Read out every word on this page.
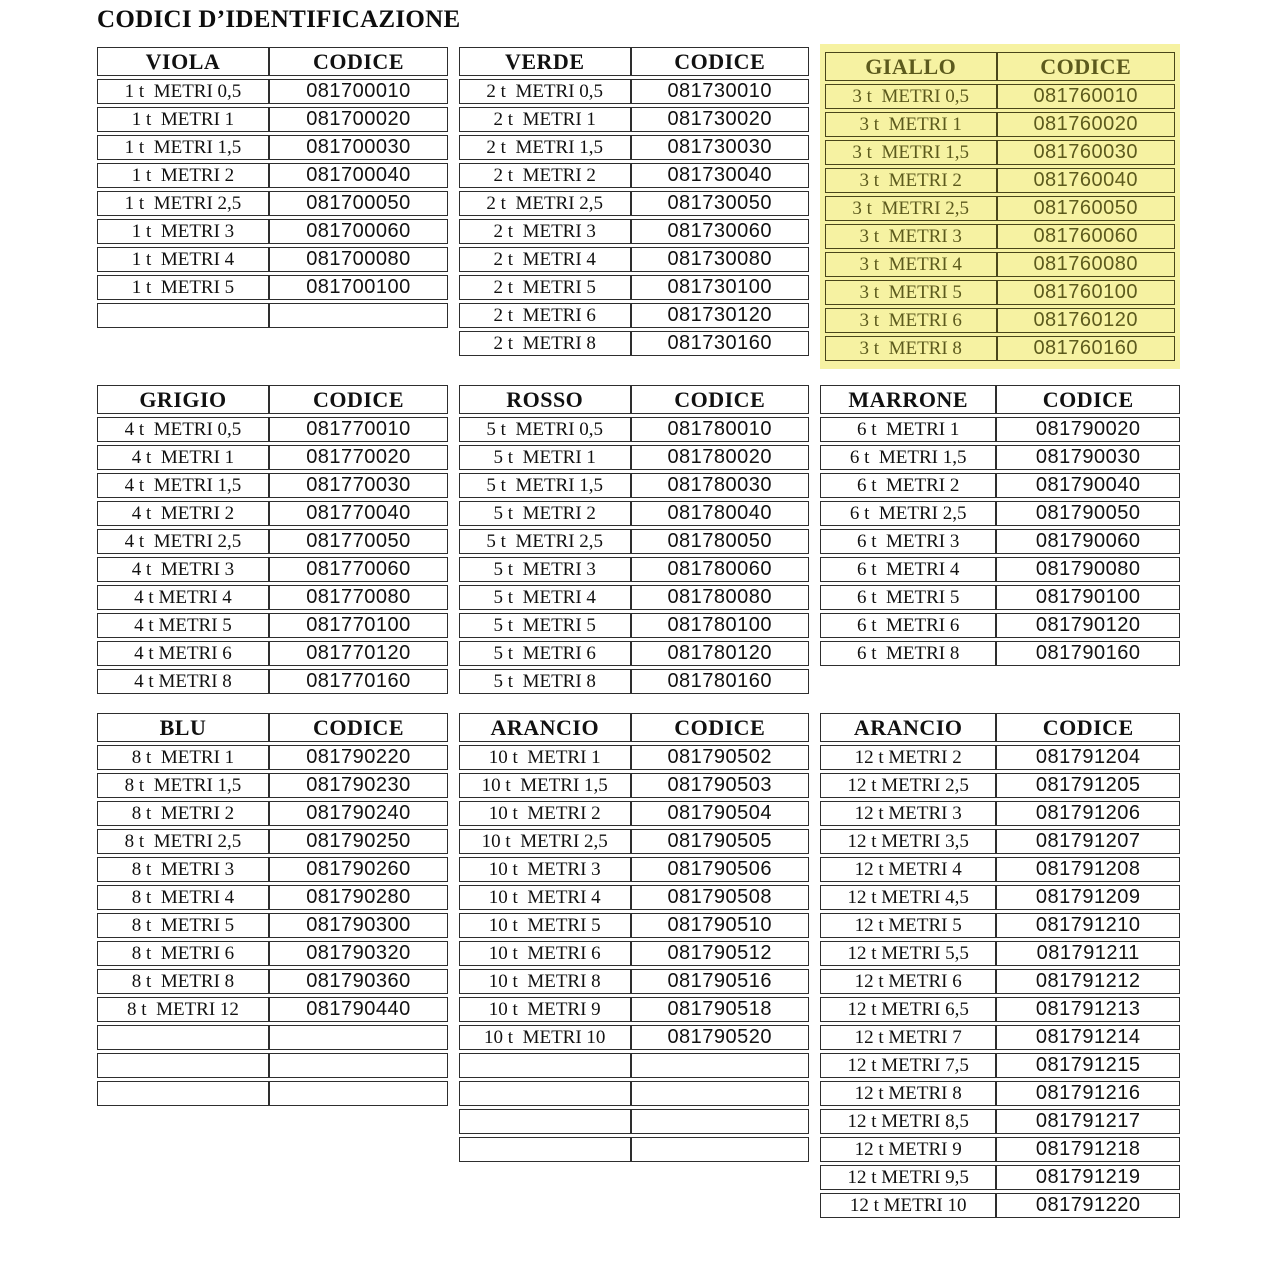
CODICI D’IDENTIFICAZIONE
VIOLA	CODICE
1 t  METRI 0,5	081700010
1 t  METRI 1	081700020
1 t  METRI 1,5	081700030
1 t  METRI 2	081700040
1 t  METRI 2,5	081700050
1 t  METRI 3	081700060
1 t  METRI 4	081700080
1 t  METRI 5	081700100

VERDE	CODICE
2 t  METRI 0,5	081730010
2 t  METRI 1	081730020
2 t  METRI 1,5	081730030
2 t  METRI 2	081730040
2 t  METRI 2,5	081730050
2 t  METRI 3	081730060
2 t  METRI 4	081730080
2 t  METRI 5	081730100
2 t  METRI 6	081730120
2 t  METRI 8	081730160
GIALLO	CODICE
3 t  METRI 0,5	081760010
3 t  METRI 1	081760020
3 t  METRI 1,5	081760030
3 t  METRI 2	081760040
3 t  METRI 2,5	081760050
3 t  METRI 3	081760060
3 t  METRI 4	081760080
3 t  METRI 5	081760100
3 t  METRI 6	081760120
3 t  METRI 8	081760160
GRIGIO	CODICE
4 t  METRI 0,5	081770010
4 t  METRI 1	081770020
4 t  METRI 1,5	081770030
4 t  METRI 2	081770040
4 t  METRI 2,5	081770050
4 t  METRI 3	081770060
4 t METRI 4	081770080
4 t METRI 5	081770100
4 t METRI 6	081770120
4 t METRI 8	081770160
ROSSO	CODICE
5 t  METRI 0,5	081780010
5 t  METRI 1	081780020
5 t  METRI 1,5	081780030
5 t  METRI 2	081780040
5 t  METRI 2,5	081780050
5 t  METRI 3	081780060
5 t  METRI 4	081780080
5 t  METRI 5	081780100
5 t  METRI 6	081780120
5 t  METRI 8	081780160
MARRONE	CODICE
6 t  METRI 1	081790020
6 t  METRI 1,5	081790030
6 t  METRI 2	081790040
6 t  METRI 2,5	081790050
6 t  METRI 3	081790060
6 t  METRI 4	081790080
6 t  METRI 5	081790100
6 t  METRI 6	081790120
6 t  METRI 8	081790160
BLU	CODICE
8 t  METRI 1	081790220
8 t  METRI 1,5	081790230
8 t  METRI 2	081790240
8 t  METRI 2,5	081790250
8 t  METRI 3	081790260
8 t  METRI 4	081790280
8 t  METRI 5	081790300
8 t  METRI 6	081790320
8 t  METRI 8	081790360
8 t  METRI 12	081790440

ARANCIO	CODICE
10 t  METRI 1	081790502
10 t  METRI 1,5	081790503
10 t  METRI 2	081790504
10 t  METRI 2,5	081790505
10 t  METRI 3	081790506
10 t  METRI 4	081790508
10 t  METRI 5	081790510
10 t  METRI 6	081790512
10 t  METRI 8	081790516
10 t  METRI 9	081790518
10 t  METRI 10	081790520

ARANCIO	CODICE
12 t METRI 2	081791204
12 t METRI 2,5	081791205
12 t METRI 3	081791206
12 t METRI 3,5	081791207
12 t METRI 4	081791208
12 t METRI 4,5	081791209
12 t METRI 5	081791210
12 t METRI 5,5	081791211
12 t METRI 6	081791212
12 t METRI 6,5	081791213
12 t METRI 7	081791214
12 t METRI 7,5	081791215
12 t METRI 8	081791216
12 t METRI 8,5	081791217
12 t METRI 9	081791218
12 t METRI 9,5	081791219
12 t METRI 10	081791220
